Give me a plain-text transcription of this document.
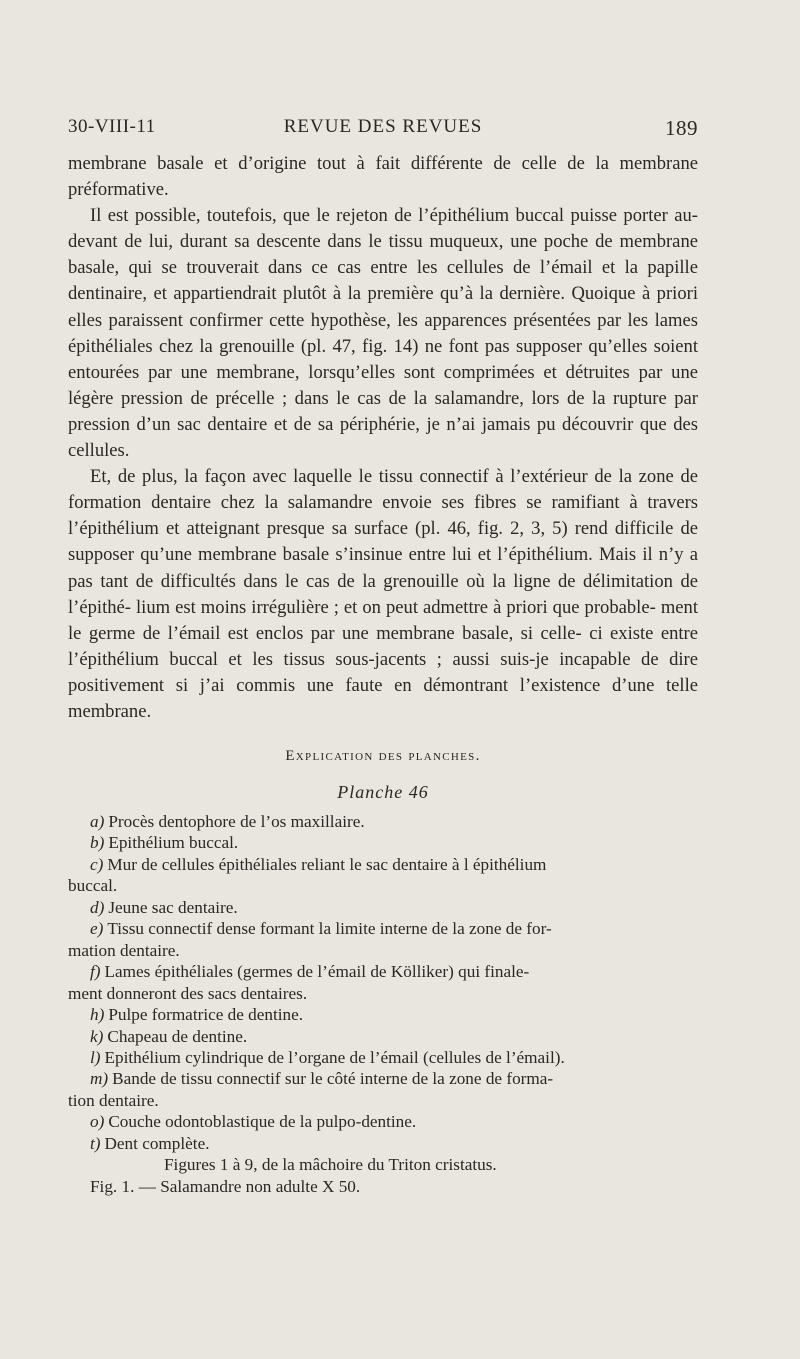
30-VIII-11	REVUE DES REVUES	189

membrane basale et d’origine tout à fait différente de celle de la membrane préformative.

Il est possible, toutefois, que le rejeton de l’épithélium buccal puisse porter au-devant de lui, durant sa descente dans le tissu muqueux, une poche de membrane basale, qui se trouverait dans ce cas entre les cellules de l’émail et la papille dentinaire, et appartiendrait plutôt à la première qu’à la dernière. Quoique à priori elles paraissent confirmer cette hypothèse, les apparences présentées par les lames épithéliales chez la grenouille (pl. 47, fig. 14) ne font pas supposer qu’elles soient entourées par une membrane, lorsqu’elles sont comprimées et détruites par une légère pression de précelle ; dans le cas de la salamandre, lors de la rupture par pression d’un sac dentaire et de sa périphérie, je n’ai jamais pu découvrir que des cellules.

Et, de plus, la façon avec laquelle le tissu connectif à l’extérieur de la zone de formation dentaire chez la salamandre envoie ses fibres se ramifiant à travers l’épithélium et atteignant presque sa surface (pl. 46, fig. 2, 3, 5) rend difficile de supposer qu’une membrane basale s’insinue entre lui et l’épithélium. Mais il n’y a pas tant de difficultés dans le cas de la grenouille où la ligne de délimitation de l’épithé- lium est moins irrégulière ; et on peut admettre à priori que probable- ment le germe de l’émail est enclos par une membrane basale, si celle- ci existe entre l’épithélium buccal et les tissus sous-jacents ; aussi suis-je incapable de dire positivement si j’ai commis une faute en démontrant l’existence d’une telle membrane.

Explication des planches.
Planche 46

a) Procès dentophore de l’os maxillaire.

b) Epithélium buccal.

c) Mur de cellules épithéliales reliant le sac dentaire à l épithélium
buccal.

d) Jeune sac dentaire.

e) Tissu connectif dense formant la limite interne de la zone de for-
mation dentaire.

f) Lames épithéliales (germes de l’émail de Kölliker) qui finale-
ment donneront des sacs dentaires.

h) Pulpe formatrice de dentine.

k) Chapeau de dentine.

l) Epithélium cylindrique de l’organe de l’émail (cellules de l’émail).

m) Bande de tissu connectif sur le côté interne de la zone de forma-
tion dentaire.

o) Couche odontoblastique de la pulpo-dentine.

t) Dent complète.

Figures 1 à 9, de la mâchoire du Triton cristatus.

Fig. 1. — Salamandre non adulte X 50.
